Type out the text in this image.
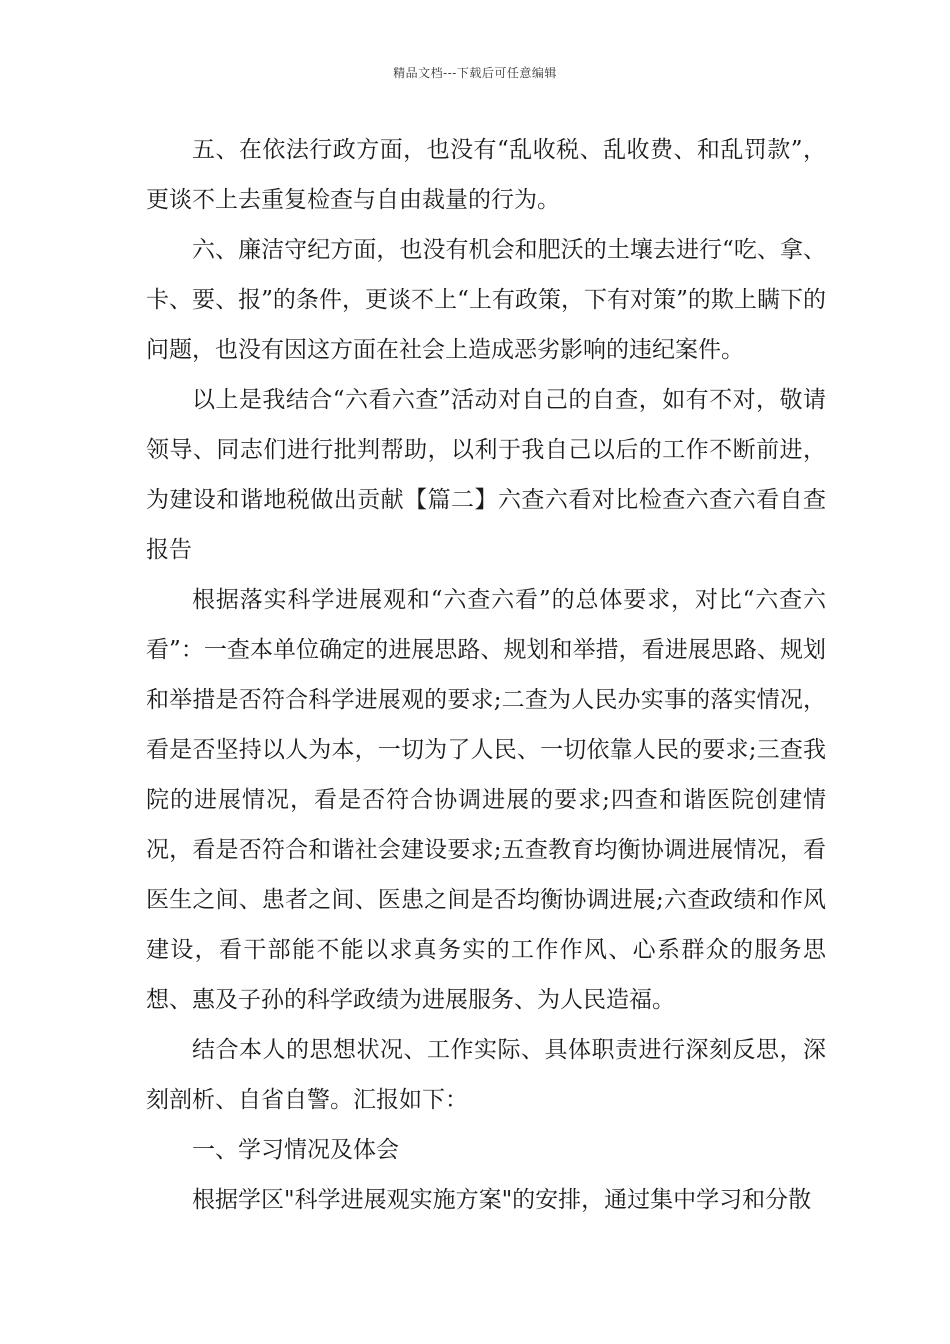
精品文档---下载后可任意编辑

五、在依法行政方面，也没有“乱收税、乱收费、和乱罚款”，更谈不上去重复检查与自由裁量的行为。

六、廉洁守纪方面，也没有机会和肥沃的土壤去进行“吃、拿、卡、要、报”的条件，更谈不上“上有政策，下有对策”的欺上瞒下的问题，也没有因这方面在社会上造成恶劣影响的违纪案件。

以上是我结合“六看六查”活动对自己的自查，如有不对，敬请领导、同志们进行批判帮助，以利于我自己以后的工作不断前进，为建设和谐地税做出贡献【篇二】六查六看对比检查六查六看自查报告

根据落实科学进展观和“六查六看”的总体要求，对比“六查六看”：一查本单位确定的进展思路、规划和举措，看进展思路、规划和举措是否符合科学进展观的要求;二查为人民办实事的落实情况，看是否坚持以人为本，一切为了人民、一切依靠人民的要求;三查我院的进展情况，看是否符合协调进展的要求;四查和谐医院创建情况，看是否符合和谐社会建设要求;五查教育均衡协调进展情况，看医生之间、患者之间、医患之间是否均衡协调进展;六查政绩和作风建设，看干部能不能以求真务实的工作作风、心系群众的服务思想、惠及子孙的科学政绩为进展服务、为人民造福。

结合本人的思想状况、工作实际、具体职责进行深刻反思，深刻剖析、自省自警。汇报如下：

一、学习情况及体会

根据学区"科学进展观实施方案"的安排，通过集中学习和分散
